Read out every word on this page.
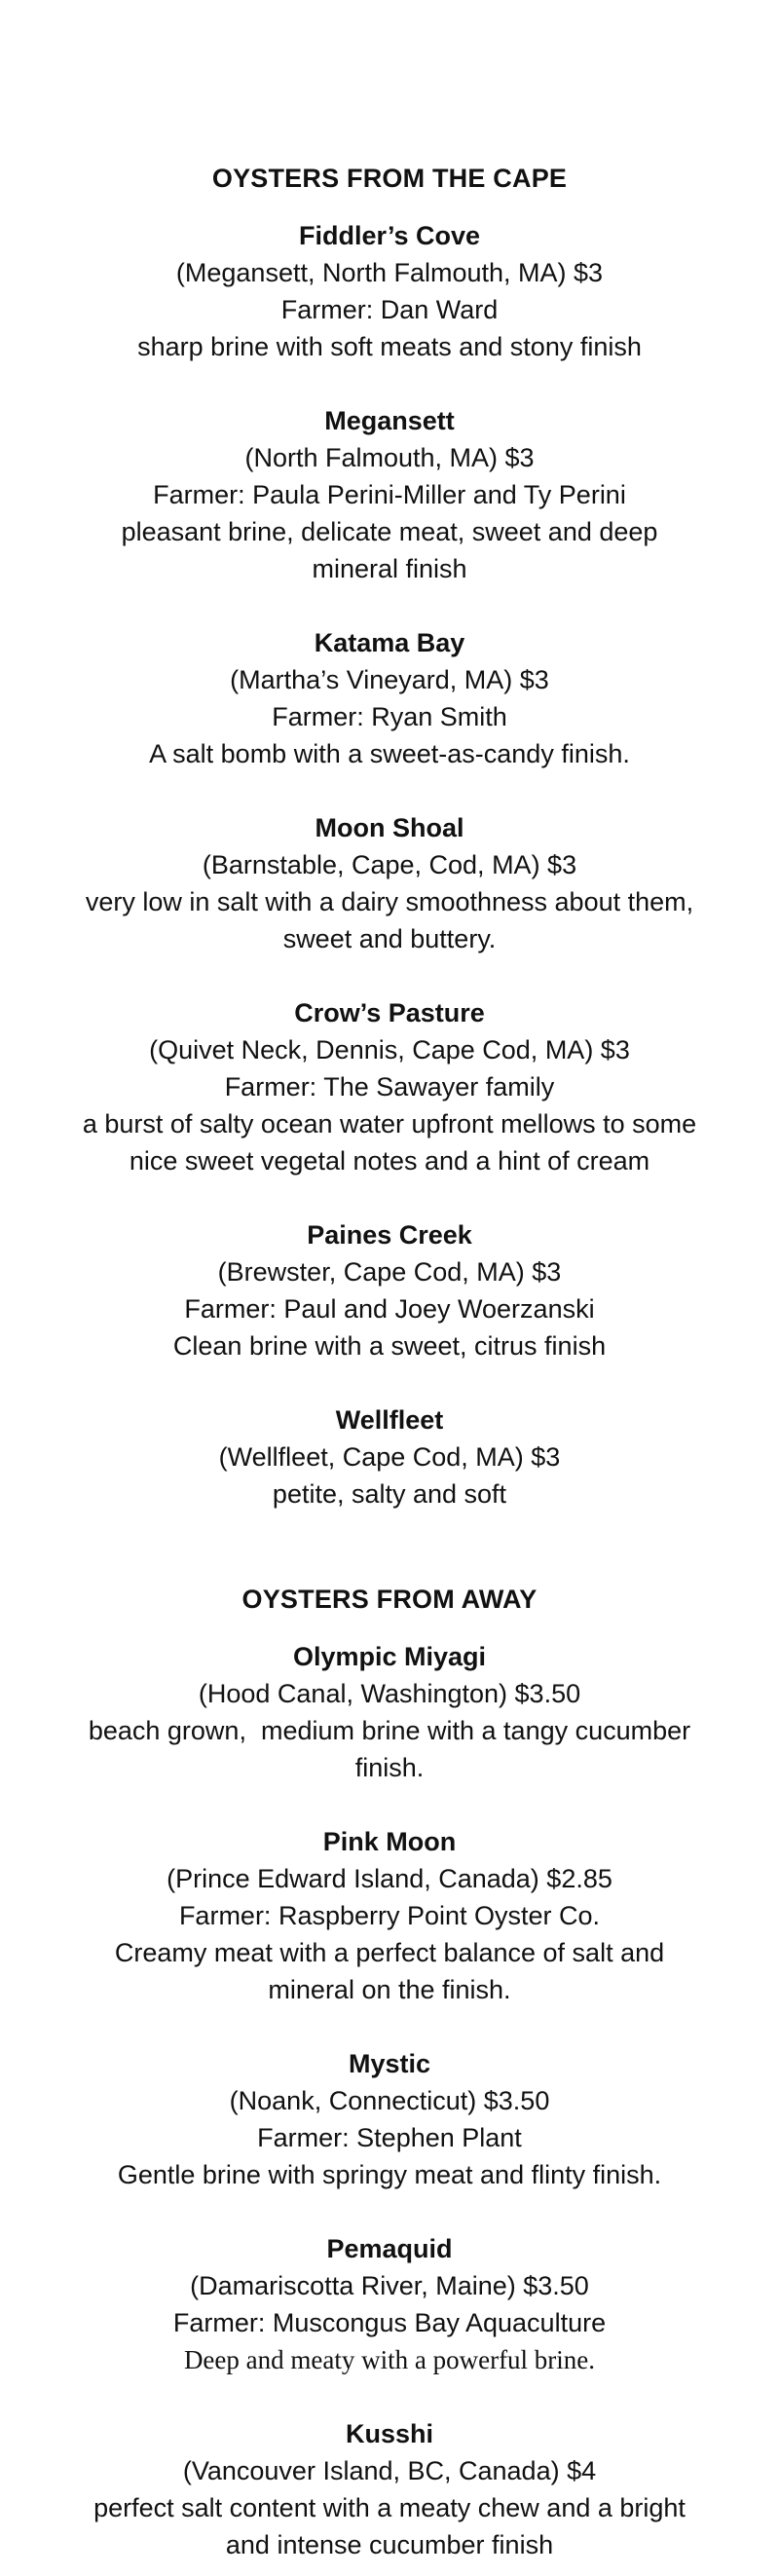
OYSTERS FROM THE CAPE

Fiddler’s Cove

(Megansett, North Falmouth, MA) $3

Farmer: Dan Ward

sharp brine with soft meats and stony finish

Megansett

(North Falmouth, MA) $3

Farmer: Paula Perini-Miller and Ty Perini

pleasant brine, delicate meat, sweet and deep mineral finish

Katama Bay

(Martha’s Vineyard, MA) $3

Farmer: Ryan Smith

A salt bomb with a sweet-as-candy finish.

Moon Shoal

(Barnstable, Cape, Cod, MA) $3

very low in salt with a dairy smoothness about them, sweet and buttery.

Crow’s Pasture

(Quivet Neck, Dennis, Cape Cod, MA) $3

Farmer: The Sawayer family

a burst of salty ocean water upfront mellows to some nice sweet vegetal notes and a hint of cream

Paines Creek

(Brewster, Cape Cod, MA) $3

Farmer: Paul and Joey Woerzanski

Clean brine with a sweet, citrus finish

Wellfleet

(Wellfleet, Cape Cod, MA) $3

petite, salty and soft

OYSTERS FROM AWAY

Olympic Miyagi

(Hood Canal, Washington) $3.50

beach grown,  medium brine with a tangy cucumber finish.

Pink Moon

(Prince Edward Island, Canada) $2.85

Farmer: Raspberry Point Oyster Co.

Creamy meat with a perfect balance of salt and mineral on the finish.

Mystic

(Noank, Connecticut) $3.50

Farmer: Stephen Plant

Gentle brine with springy meat and flinty finish.

Pemaquid

(Damariscotta River, Maine) $3.50

Farmer: Muscongus Bay Aquaculture

Deep and meaty with a powerful brine.

Kusshi

(Vancouver Island, BC, Canada) $4

perfect salt content with a meaty chew and a bright and intense cucumber finish
